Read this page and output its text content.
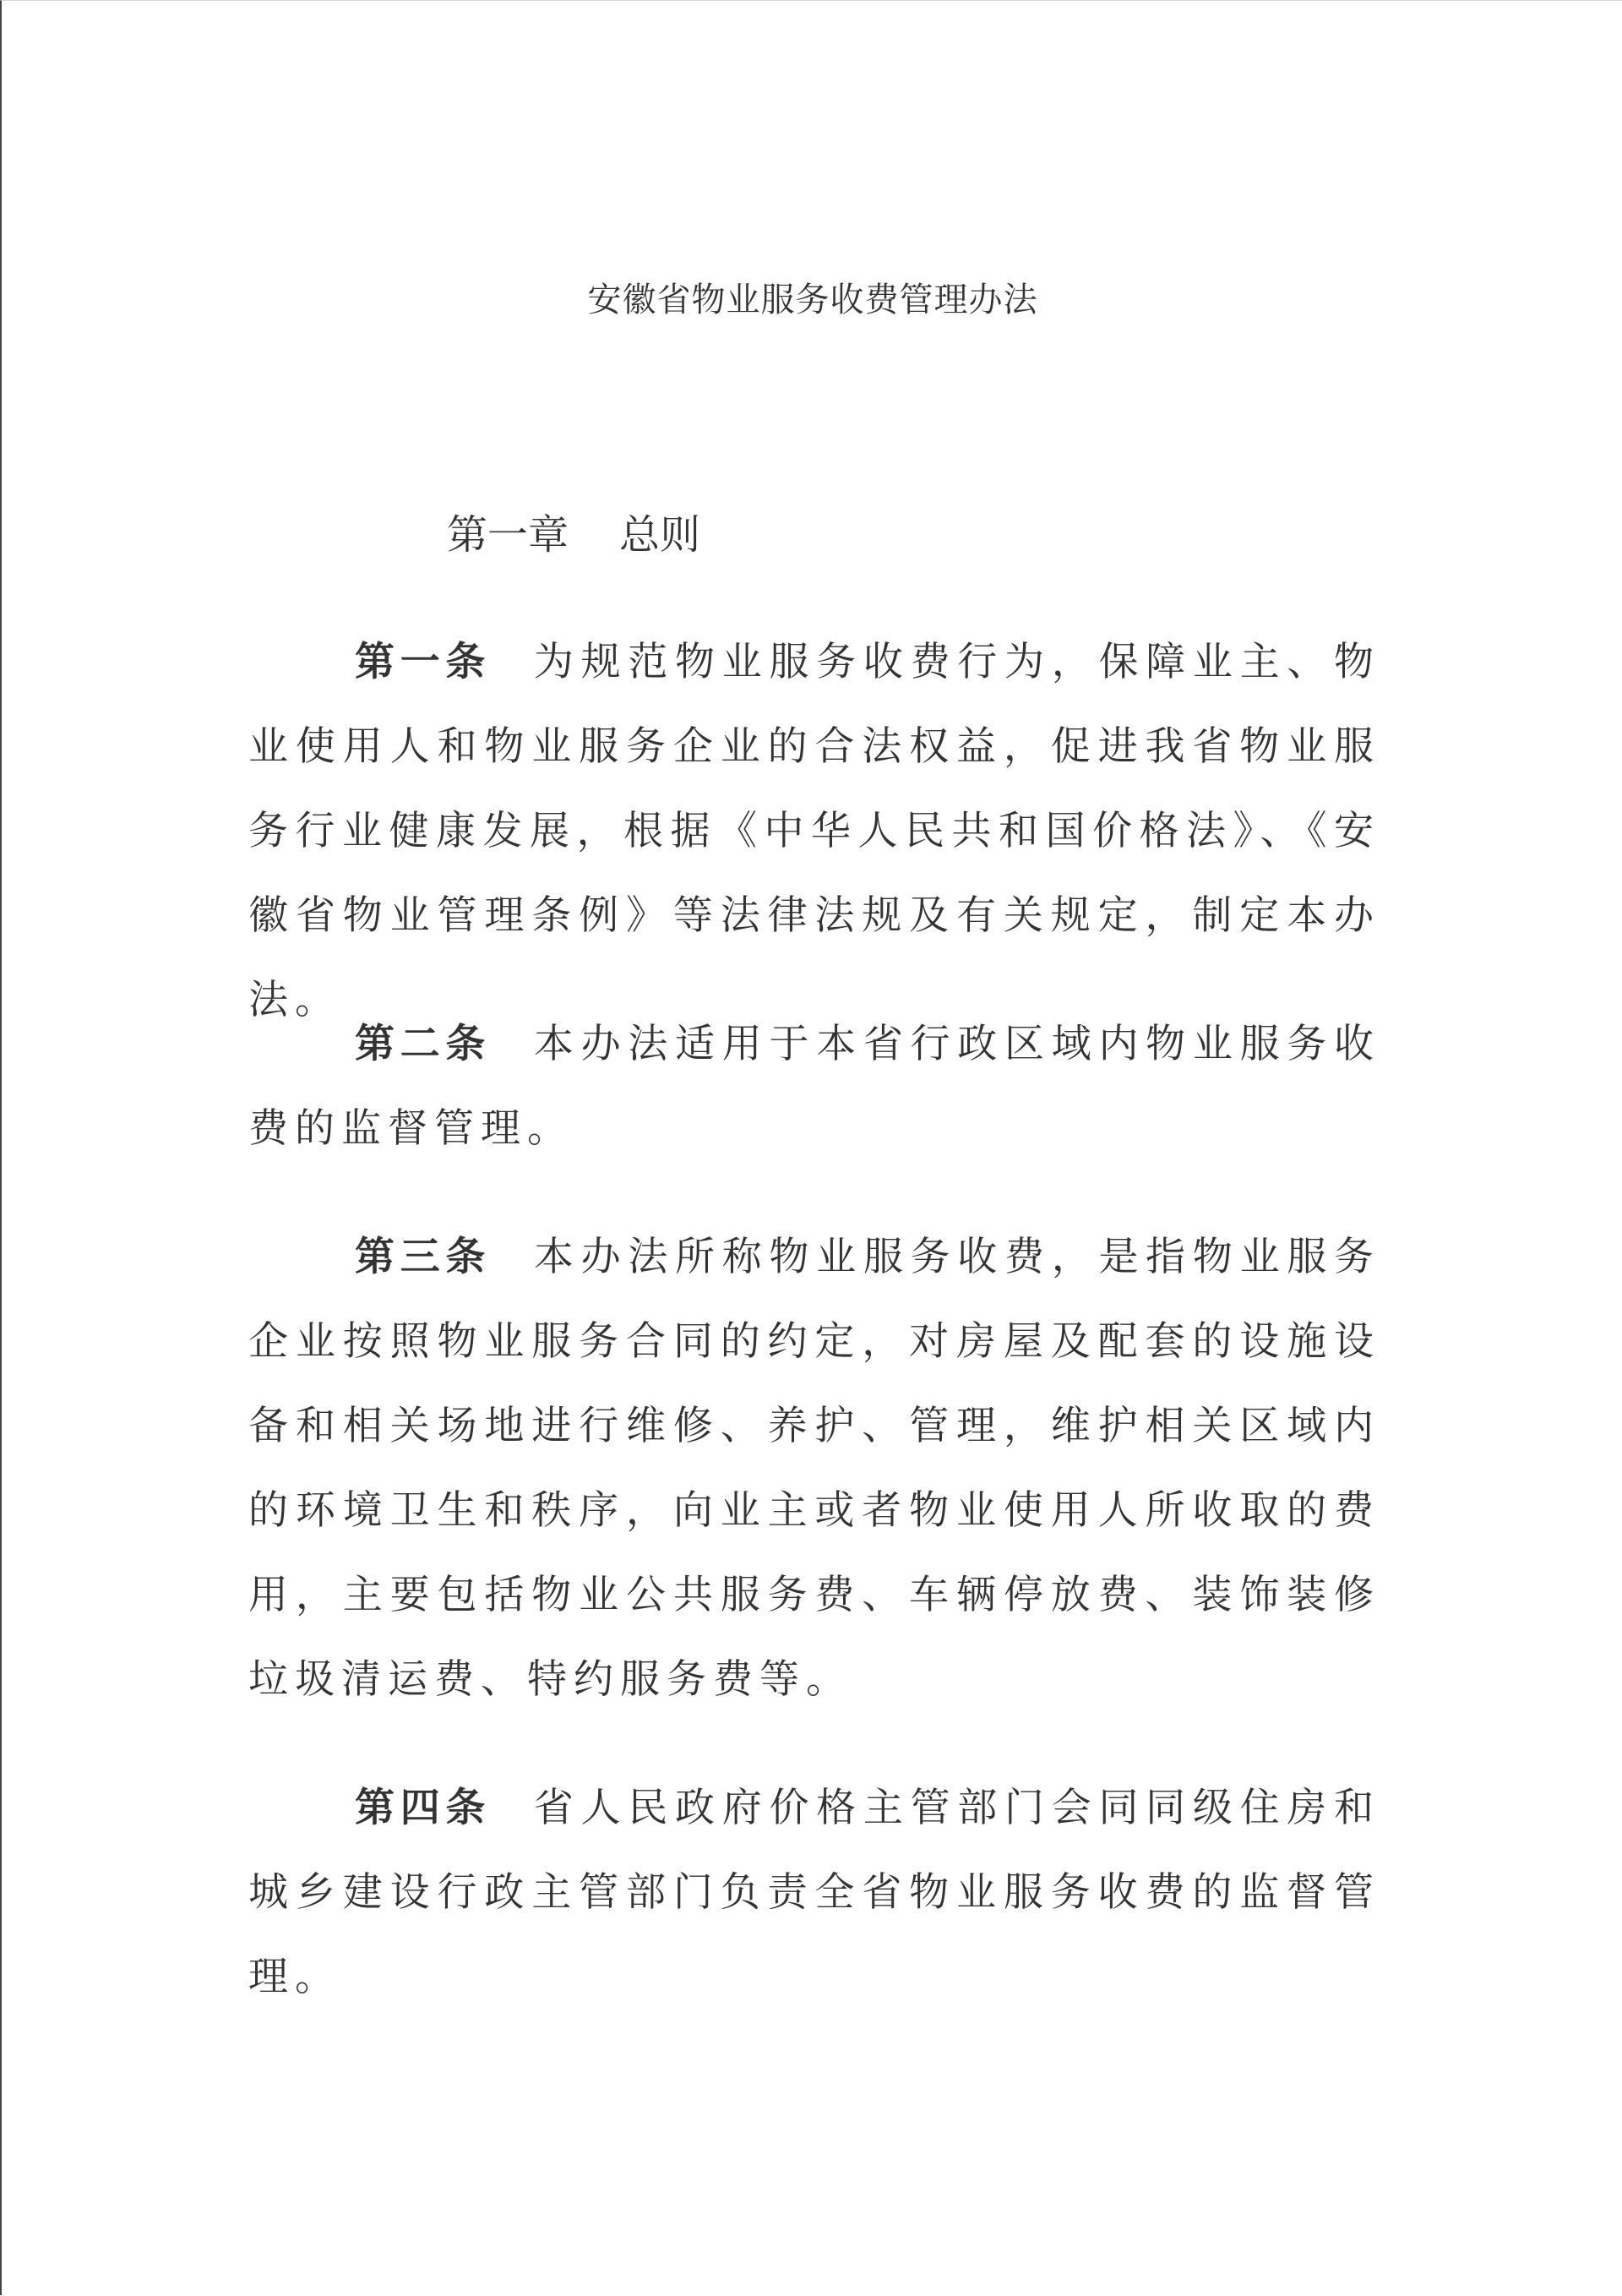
安徽省物业服务收费管理办法
第一章 总则

第一条 为规范物业服务收费行为，保障业主、物业使用人和物业服务企业的合法权益，促进我省物业服务行业健康发展，根据《中华人民共和国价格法》、《安徽省物业管理条例》等法律法规及有关规定，制定本办法。

第二条 本办法适用于本省行政区域内物业服务收费的监督管理。

第三条 本办法所称物业服务收费，是指物业服务企业按照物业服务合同的约定，对房屋及配套的设施设备和相关场地进行维修、养护、管理，维护相关区域内的环境卫生和秩序，向业主或者物业使用人所收取的费用，主要包括物业公共服务费、车辆停放费、装饰装修垃圾清运费、特约服务费等。

第四条 省人民政府价格主管部门会同同级住房和城乡建设行政主管部门负责全省物业服务收费的监督管理。
